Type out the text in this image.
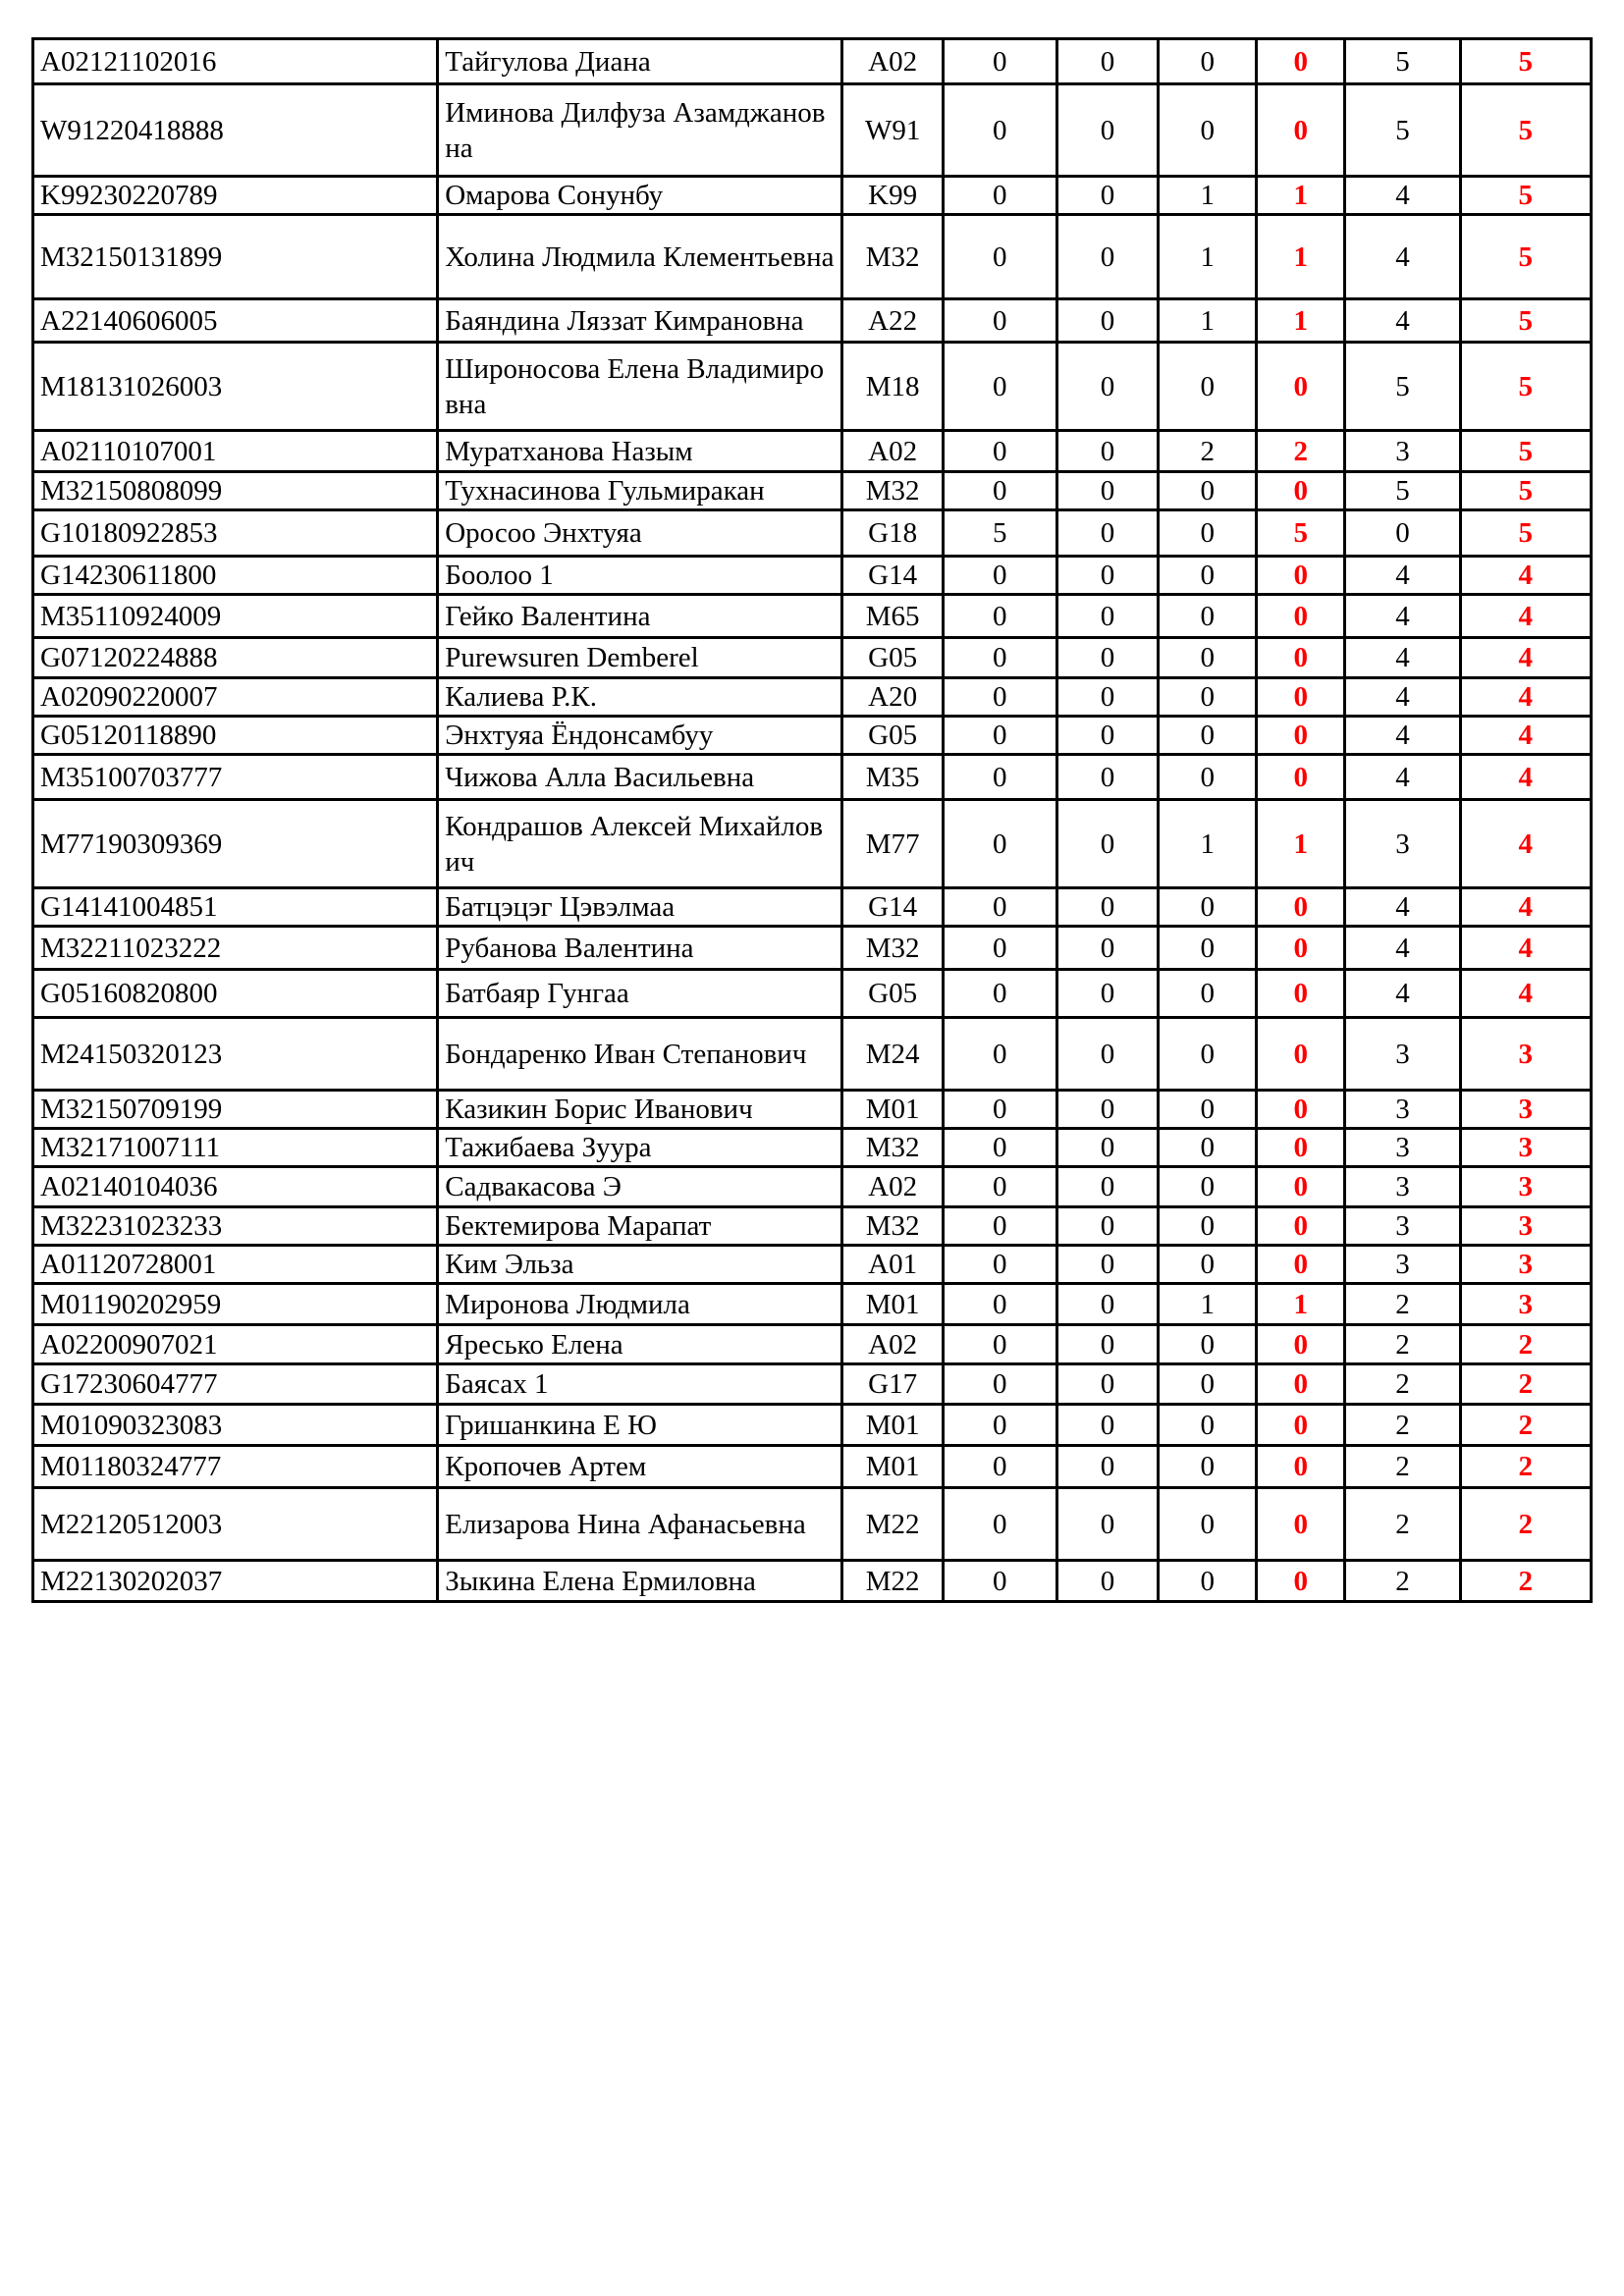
A02121102016	Тайгулова Диана	A02	0	0	0	0	5	5
W91220418888	Иминова Дилфуза Азамджановна	W91	0	0	0	0	5	5
K99230220789	Омарова Сонунбу	K99	0	0	1	1	4	5
M32150131899	Холина Людмила Клементьевна	M32	0	0	1	1	4	5
A22140606005	Баяндина Ляззат Кимрановна	A22	0	0	1	1	4	5
M18131026003	Широносова Елена Владимировна	M18	0	0	0	0	5	5
A02110107001	Муратханова Назым	A02	0	0	2	2	3	5
M32150808099	Тухнасинова Гульмиракан	M32	0	0	0	0	5	5
G10180922853	Оросоо Энхтуяа	G18	5	0	0	5	0	5
G14230611800	Боолоо 1	G14	0	0	0	0	4	4
M35110924009	Гейко Валентина	M65	0	0	0	0	4	4
G07120224888	Purewsuren Demberel	G05	0	0	0	0	4	4
A02090220007	Калиева Р.К.	A20	0	0	0	0	4	4
G05120118890	Энхтуяа Ёндонсамбуу	G05	0	0	0	0	4	4
M35100703777	Чижова Алла Васильевна	M35	0	0	0	0	4	4
M77190309369	Кондрашов Алексей Михайлович	M77	0	0	1	1	3	4
G14141004851	Батцэцэг Цэвэлмаа	G14	0	0	0	0	4	4
M32211023222	Рубанова Валентина	M32	0	0	0	0	4	4
G05160820800	Батбаяр Гунгаа	G05	0	0	0	0	4	4
M24150320123	Бондаренко Иван Степанович	M24	0	0	0	0	3	3
M32150709199	Казикин Борис Иванович	M01	0	0	0	0	3	3
M32171007111	Тажибаева Зуура	M32	0	0	0	0	3	3
A02140104036	Садвакасова Э	A02	0	0	0	0	3	3
M32231023233	Бектемирова Марапат	M32	0	0	0	0	3	3
A01120728001	Ким Эльза	A01	0	0	0	0	3	3
M01190202959	Миронова Людмила	M01	0	0	1	1	2	3
A02200907021	Яресько Елена	A02	0	0	0	0	2	2
G17230604777	Баясах 1	G17	0	0	0	0	2	2
M01090323083	Гришанкина Е Ю	M01	0	0	0	0	2	2
M01180324777	Кропочев Артем	M01	0	0	0	0	2	2
M22120512003	Елизарова Нина Афанасьевна	M22	0	0	0	0	2	2
M22130202037	Зыкина Елена Ермиловна	M22	0	0	0	0	2	2
